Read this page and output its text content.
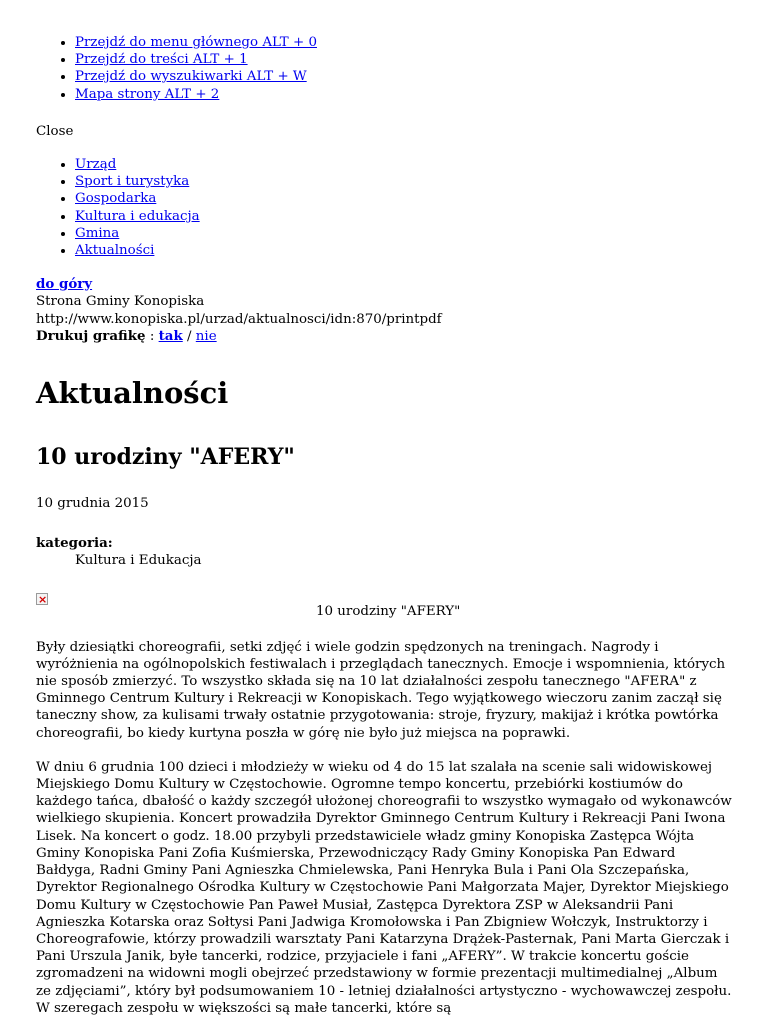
• Przejdź do menu głównego ALT + 0
• Przejdź do treści ALT + 1
• Przejdź do wyszukiwarki ALT + W
• Mapa strony ALT + 2
Close
• Urząd
• Sport i turystyka
• Gospodarka
• Kultura i edukacja
• Gmina
• Aktualności
do góry
Strona Gminy Konopiska
http://www.konopiska.pl/urzad/aktualnosci/idn:870/printpdf
Drukuj grafikę : tak / nie
Aktualności
10 urodziny "AFERY"
10 grudnia 2015
kategoria:
Kultura i Edukacja
×
10 urodziny "AFERY"

Były dziesiątki choreografii, setki zdjęć i wiele godzin spędzonych na treningach. Nagrody i wyróżnienia na ogólnopolskich festiwalach i przeglądach tanecznych. Emocje i wspomnienia, których nie sposób zmierzyć. To wszystko składa się na 10 lat działalności zespołu tanecznego "AFERA" z Gminnego Centrum Kultury i Rekreacji w Konopiskach. Tego wyjątkowego wieczoru zanim zaczął się taneczny show, za kulisami trwały ostatnie przygotowania: stroje, fryzury, makijaż i krótka powtórka choreografii, bo kiedy kurtyna poszła w górę nie było już miejsca na poprawki.

W dniu 6 grudnia 100 dzieci i młodzieży w wieku od 4 do 15 lat szalała na scenie sali widowiskowej Miejskiego Domu Kultury w Częstochowie. Ogromne tempo koncertu, przebiórki kostiumów do każdego tańca, dbałość o każdy szczegół ułożonej choreografii to wszystko wymagało od wykonawców wielkiego skupienia. Koncert prowadziła Dyrektor Gminnego Centrum Kultury i Rekreacji Pani Iwona Lisek. Na koncert o godz. 18.00 przybyli przedstawiciele władz gminy Konopiska Zastępca Wójta Gminy Konopiska Pani Zofia Kuśmierska, Przewodniczący Rady Gminy Konopiska Pan Edward Bałdyga, Radni Gminy Pani Agnieszka Chmielewska, Pani Henryka Bula i Pani Ola Szczepańska, Dyrektor Regionalnego Ośrodka Kultury w Częstochowie Pani Małgorzata Majer, Dyrektor Miejskiego Domu Kultury w Częstochowie Pan Paweł Musiał, Zastępca Dyrektora ZSP w Aleksandrii Pani Agnieszka Kotarska oraz Sołtysi Pani Jadwiga Kromołowska i Pan Zbigniew Wołczyk, Instruktorzy i Choreografowie, którzy prowadzili warsztaty Pani Katarzyna Drążek-Pasternak, Pani Marta Gierczak i Pani Urszula Janik, byłe tancerki, rodzice, przyjaciele i fani „AFERY”. W trakcie koncertu goście zgromadzeni na widowni mogli obejrzeć przedstawiony w formie prezentacji multimedialnej „Album ze zdjęciami”, który był podsumowaniem 10 - letniej działalności artystyczno - wychowawczej zespołu. W szeregach zespołu w większości są małe tancerki, które są
